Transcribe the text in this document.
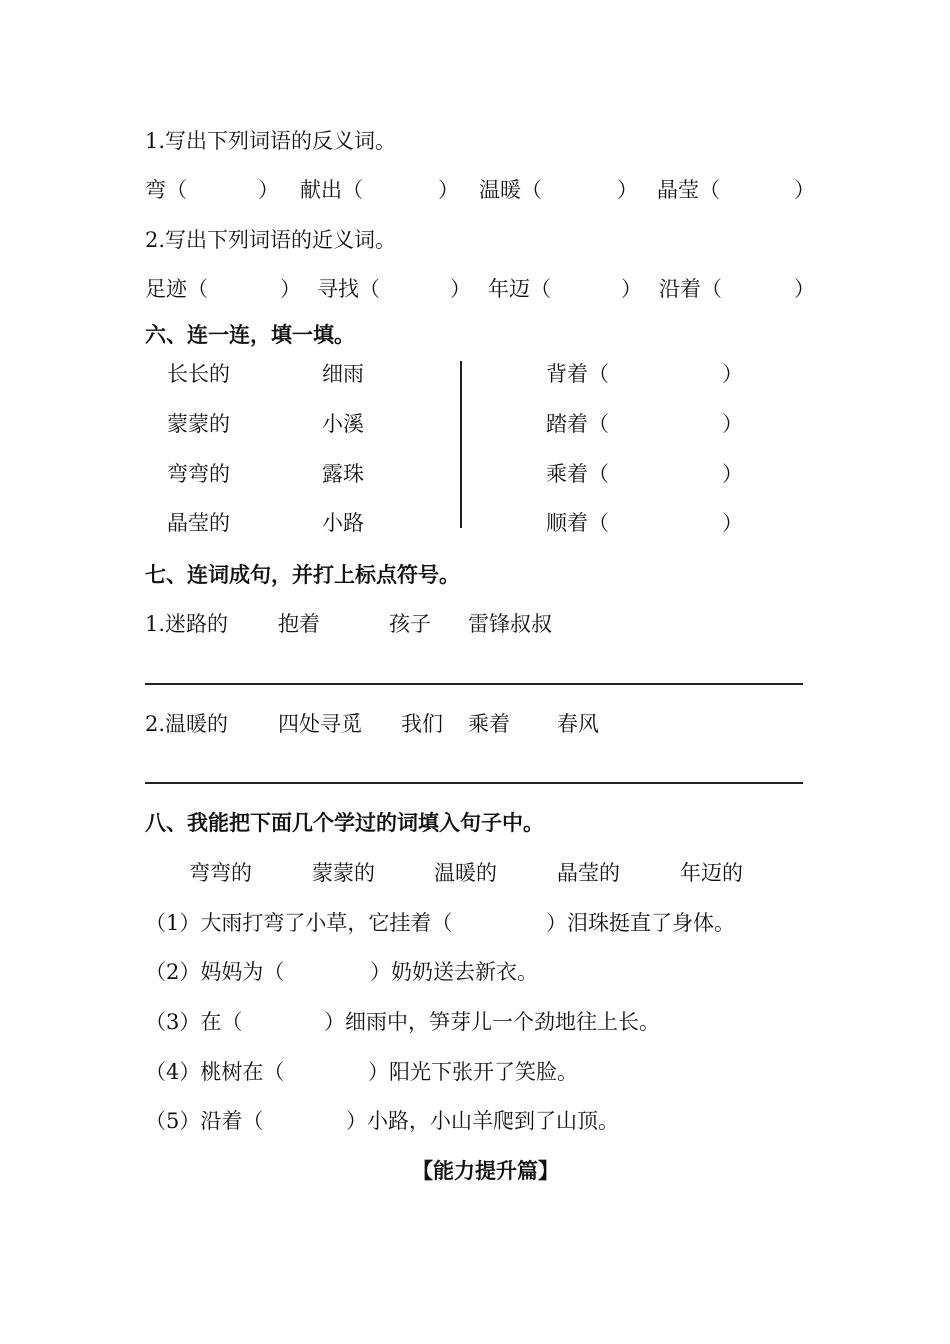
1.写出下列词语的反义词。
弯（	） 献出（	） 温暖（	） 晶莹（	）
2.写出下列词语的近义词。
足迹（	） 寻找（	） 年迈（	） 沿着（	）
六、连一连，填一填。
长长的	细雨	背着（	）
蒙蒙的	小溪	踏着（	）
弯弯的	露珠	乘着（	）
晶莹的	小路	顺着（	）
七、连词成句，并打上标点符号。
1.迷路的 抱着	孩子 雷锋叔叔
2.温暖的 四处寻觅 我们 乘着 春风
八、我能把下面几个学过的词填入句子中。
弯弯的	蒙蒙的	温暖的	晶莹的	年迈的
（1）大雨打弯了小草，它挂着（	）泪珠挺直了身体。
（2）妈妈为（	）奶奶送去新衣。
（3）在（	）细雨中，笋芽儿一个劲地往上长。
（4）桃树在（	）阳光下张开了笑脸。
（5）沿着（	）小路，小山羊爬到了山顶。
【能力提升篇】
